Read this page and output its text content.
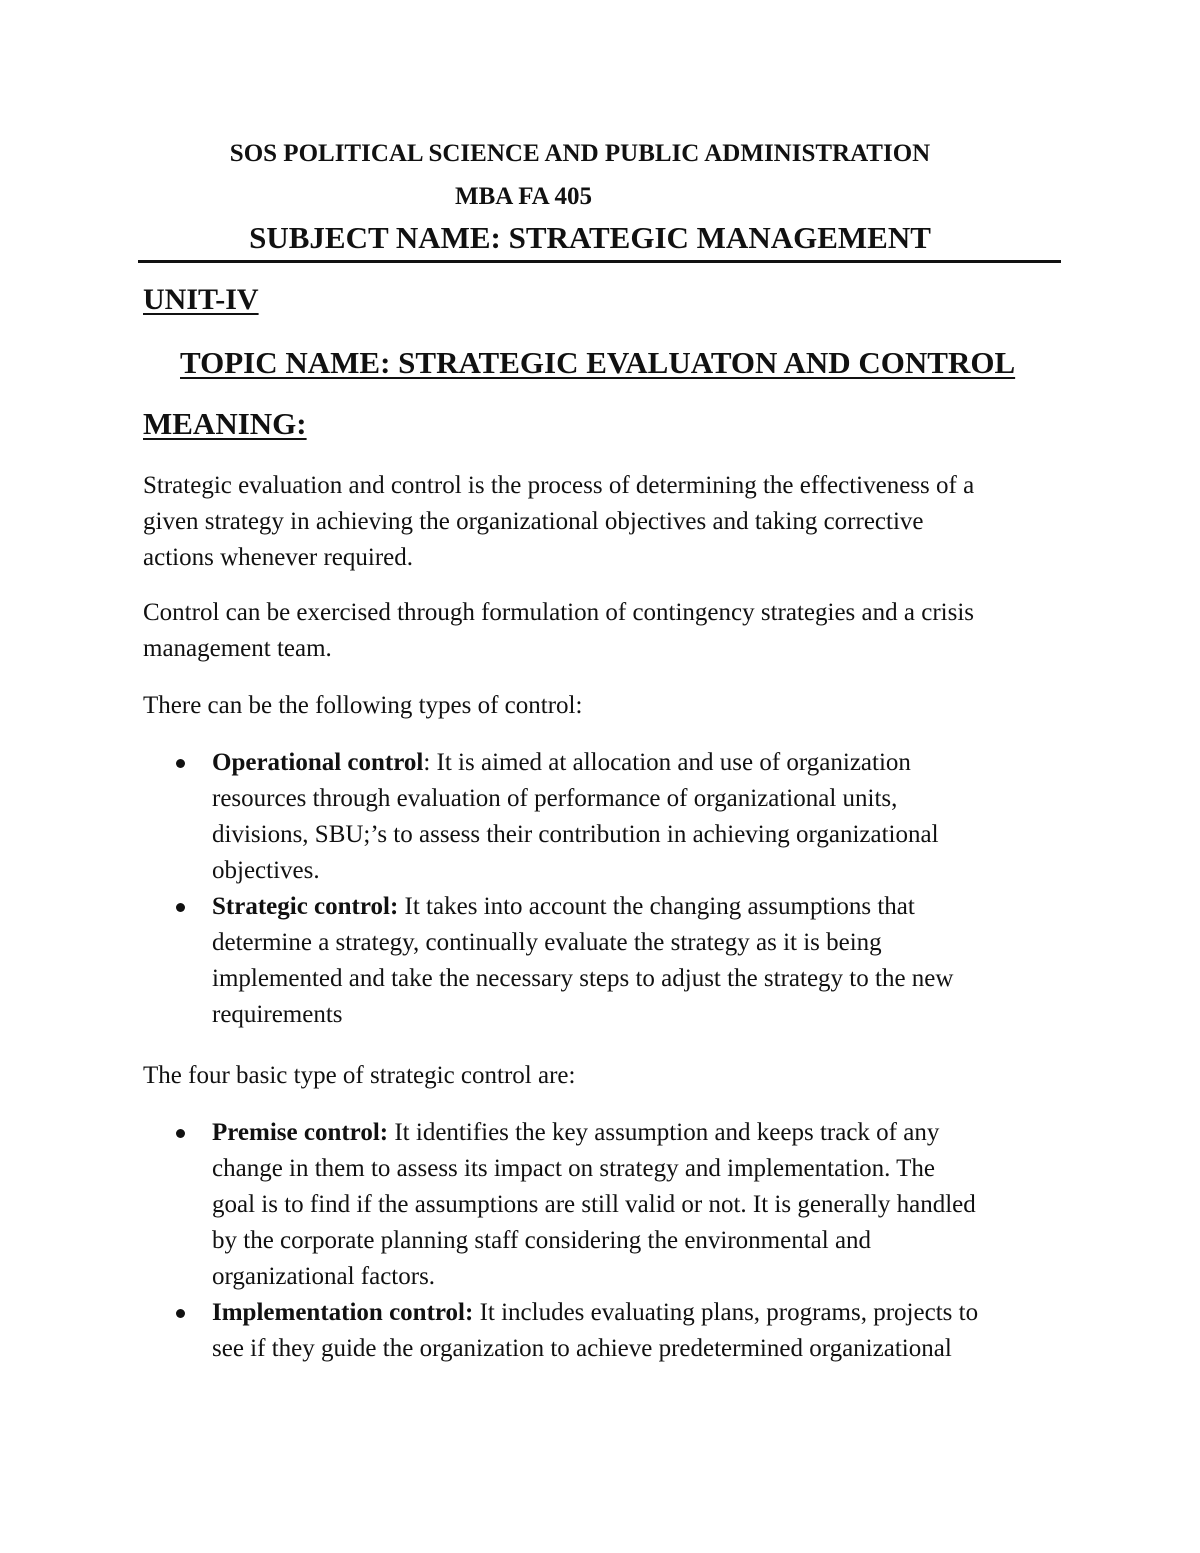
SOS POLITICAL SCIENCE AND PUBLIC ADMINISTRATION
MBA FA 405
SUBJECT NAME: STRATEGIC MANAGEMENT
UNIT-IV
TOPIC NAME: STRATEGIC EVALUATON AND CONTROL
MEANING:

Strategic evaluation and control is the process of determining the effectiveness of a
given strategy in achieving the organizational objectives and taking corrective
actions whenever required.

Control can be exercised through formulation of contingency strategies and a crisis
management team.

There can be the following types of control:

Operational control: It is aimed at allocation and use of organization
resources through evaluation of performance of organizational units,
divisions, SBU;’s to assess their contribution in achieving organizational
objectives.
Strategic control: It takes into account the changing assumptions that
determine a strategy, continually evaluate the strategy as it is being
implemented and take the necessary steps to adjust the strategy to the new
requirements

The four basic type of strategic control are:

Premise control: It identifies the key assumption and keeps track of any
change in them to assess its impact on strategy and implementation. The
goal is to find if the assumptions are still valid or not. It is generally handled
by the corporate planning staff considering the environmental and
organizational factors.
Implementation control: It includes evaluating plans, programs, projects to
see if they guide the organization to achieve predetermined organizational
